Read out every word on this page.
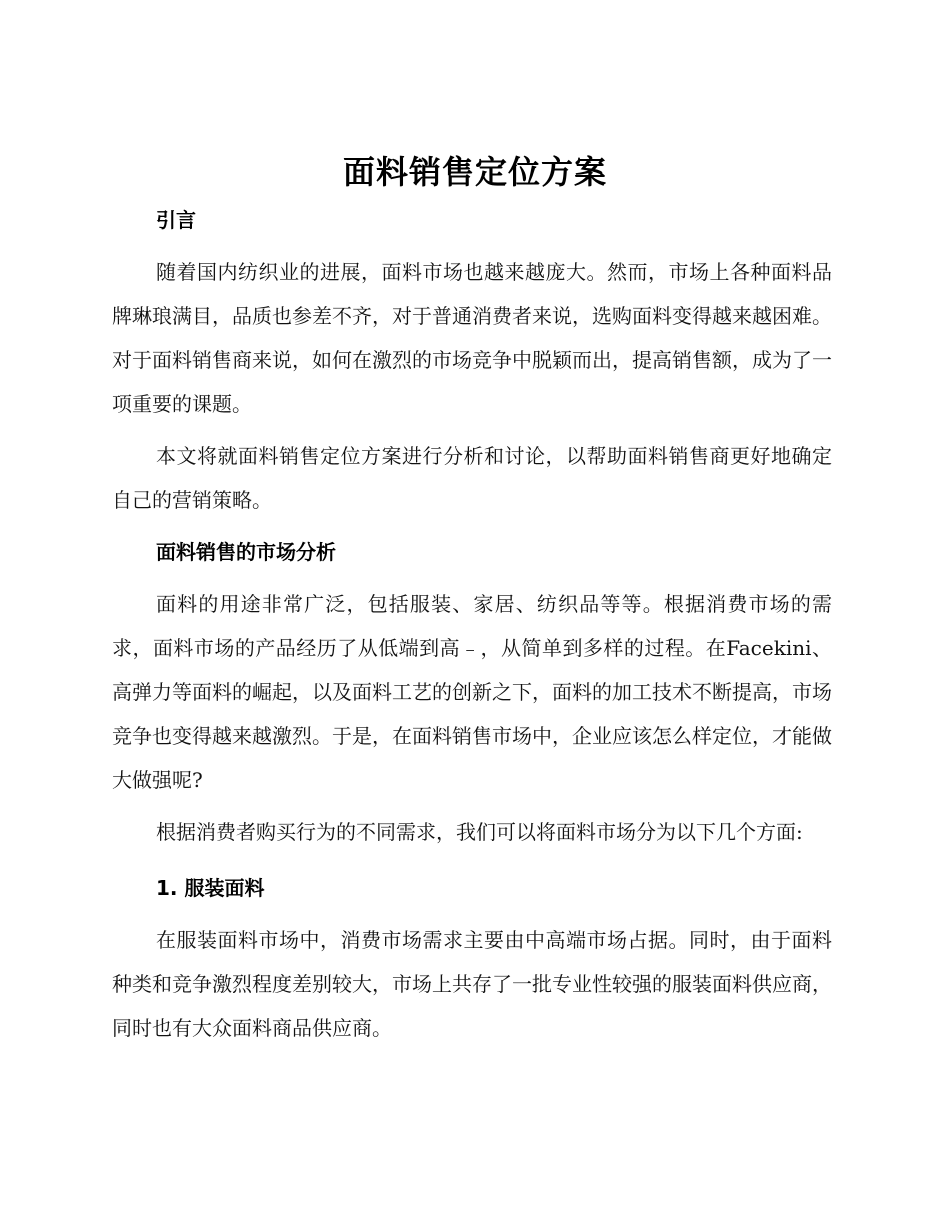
面料销售定位方案
引言

随着国内纺织业的进展，面料市场也越来越庞大。然而，市场上各种面料品牌琳琅满目，品质也参差不齐，对于普通消费者来说，选购面料变得越来越困难。对于面料销售商来说，如何在激烈的市场竞争中脱颖而出，提高销售额，成为了一项重要的课题。

本文将就面料销售定位方案进行分析和讨论，以帮助面料销售商更好地确定自己的营销策略。

面料销售的市场分析

面料的用途非常广泛，包括服装、家居、纺织品等等。根据消费市场的需求，面料市场的产品经历了从低端到高﹣，从简单到多样的过程。在Facekini、高弹力等面料的崛起，以及面料工艺的创新之下，面料的加工技术不断提高，市场竞争也变得越来越激烈。于是，在面料销售市场中，企业应该怎么样定位，才能做大做强呢?

根据消费者购买行为的不同需求，我们可以将面料市场分为以下几个方面:

1. 服装面料

在服装面料市场中，消费市场需求主要由中高端市场占据。同时，由于面料种类和竞争激烈程度差别较大，市场上共存了一批专业性较强的服装面料供应商，同时也有大众面料商品供应商。
